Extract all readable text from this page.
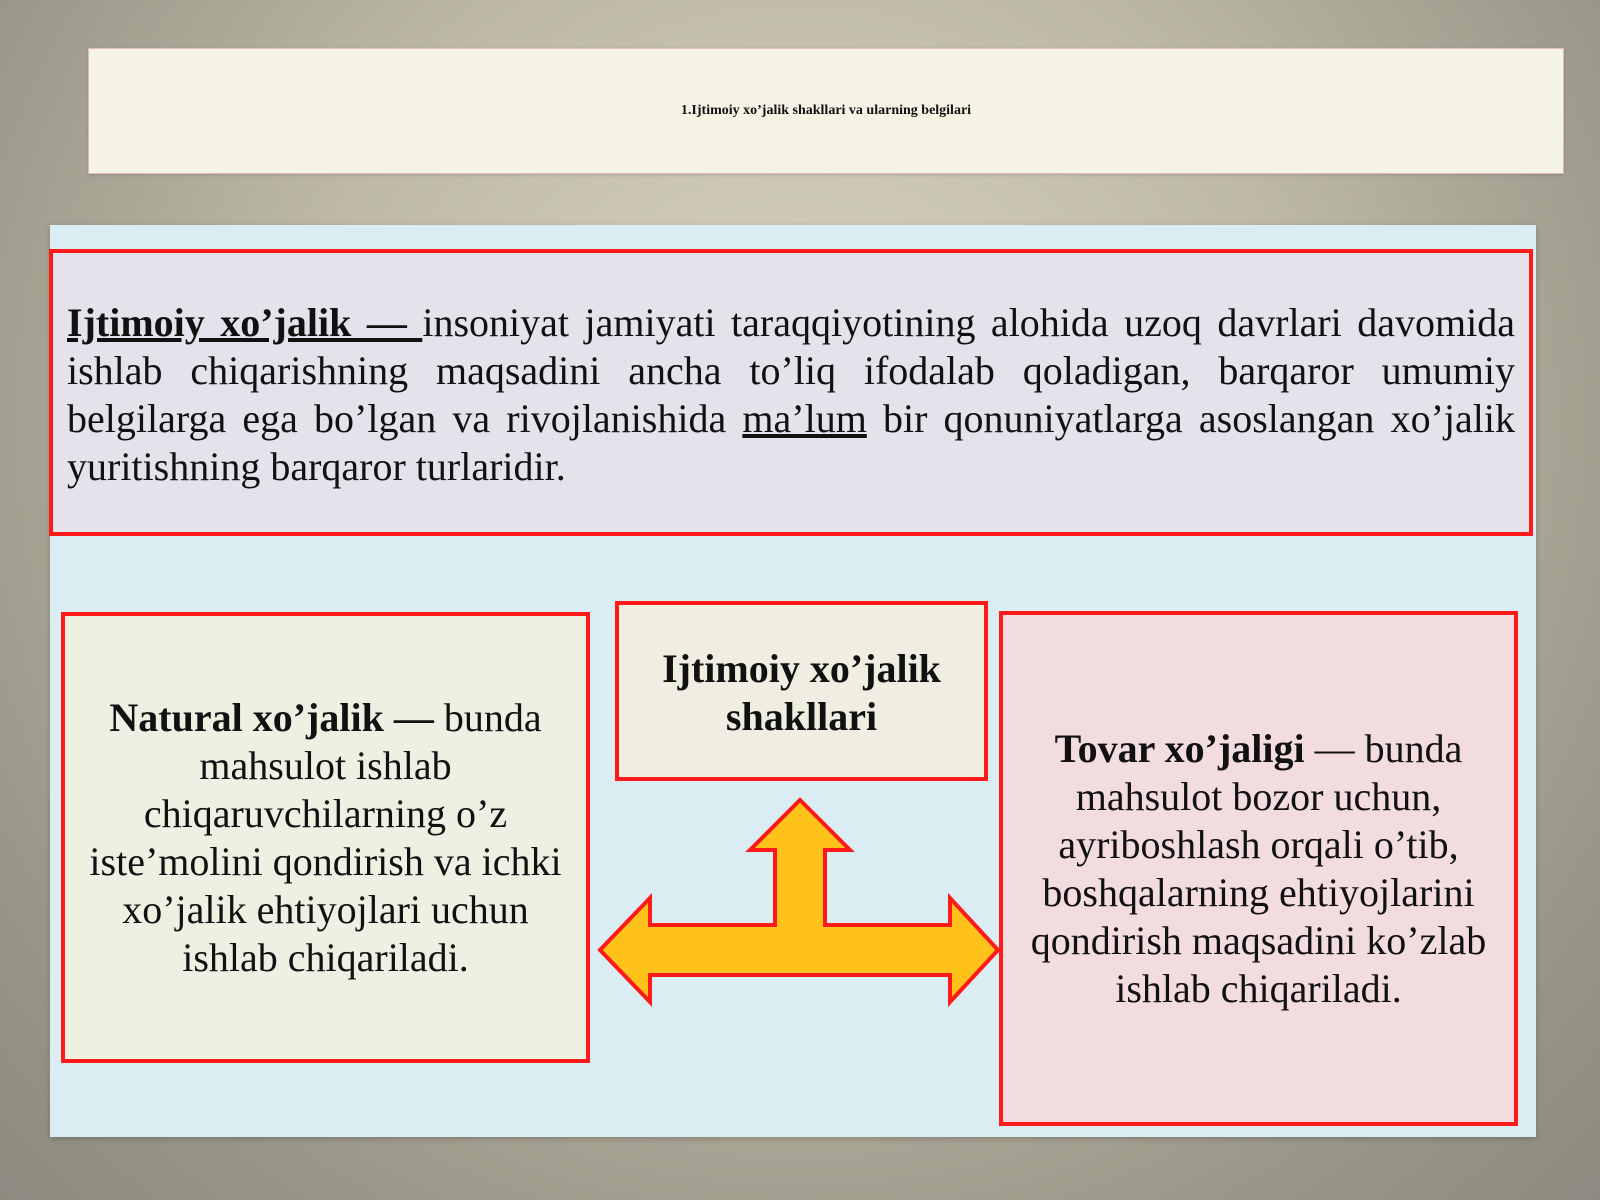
1.Ijtimoiy xo’jalik shakllari va ularning belgilari

Ijtimoiy xo’jalik — insoniyat jamiyati taraqqiyotining alohida uzoq davrlari davomida ishlab chiqarishning maqsadini ancha to’liq ifodalab qoladigan, barqaror umumiy belgilarga ega bo’lgan va rivojlanishida ma’lum bir qonuniyatlarga asoslangan xo’jalik yuritishning barqaror turlaridir.

Natural xo’jalik — bunda mahsulot ishlab chiqaruvchilarning o’z iste’molini qondirish va ichki xo’jalik ehtiyojlari uchun ishlab chiqariladi.

Ijtimoiy xo’jalik shakllari

Tovar xo’jaligi — bunda mahsulot bozor uchun, ayriboshlash orqali o’tib, boshqalarning ehtiyojlarini qondirish maqsadini ko’zlab ishlab chiqariladi.
